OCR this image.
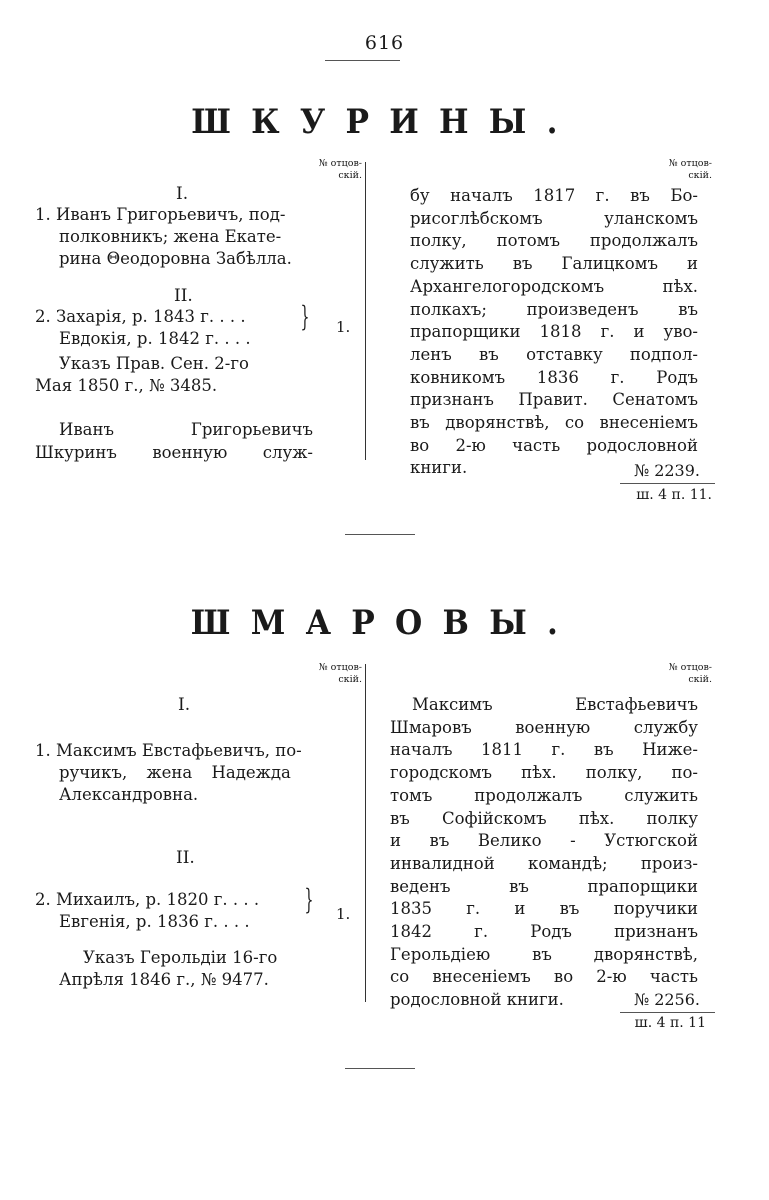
616
ШКУРИНЫ.
№ отцов-
скій.
№ отцов-
скій.
I.
1. Иванъ Григорьевичъ, под-
полковникъ; жена Екате-
рина Θеодоровна Забѣлла.
II.
2. Захарія, р. 1843 г. . . .
Евдокія, р. 1842 г. . . .
} 1.
Указъ Прав. Сен. 2-го
Мая 1850 г., № 3485.
Иванъ Григорьевичъ
Шкуринъ военную служ-
бу началъ 1817 г. въ Бо-
рисоглѣбскомъ уланскомъ
полку, потомъ продолжалъ
служить въ Галицкомъ и
Архангелогородскомъ пѣх.
полкахъ; произведенъ въ
прапорщики 1818 г. и уво-
ленъ въ отставку подпол-
ковникомъ 1836 г. Родъ
признанъ Правит. Сенатомъ
въ дворянствѣ, со внесеніемъ
во 2-ю часть родословной
книги.	№ 2239.
ш. 4 п. 11.
ШМАРОВЫ.
№ отцов-
скій.
№ отцов-
скій.
I.
1. Максимъ Евстафьевичъ, по-
ручикъ, жена Надежда
Александровна.
II.
2. Михаилъ, р. 1820 г. . . .
Евгенія, р. 1836 г. . . .
} 1.
Указъ Герольдіи 16-го
Апрѣля 1846 г., № 9477.
Максимъ Евстафьевичъ
Шмаровъ военную службу
началъ 1811 г. въ Ниже-
городскомъ пѣх. полку, по-
томъ продолжалъ служить
въ Софійскомъ пѣх. полку
и въ Велико - Устюгской
инвалидной командѣ; произ-
веденъ въ прапорщики
1835 г. и въ поручики
1842 г. Родъ признанъ
Герольдіею въ дворянствѣ,
со внесеніемъ во 2-ю часть
родословной книги.	№ 2256.
ш. 4 п. 11
